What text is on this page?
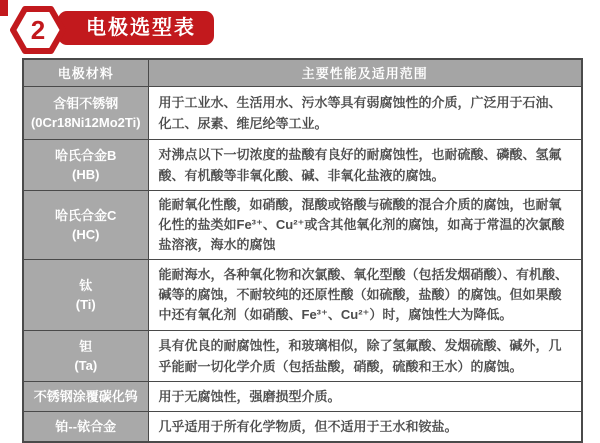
2 电极选型表
电极材料	主要性能及适用范围

含钼不锈钢
(0Cr18Ni12Mo2Ti)	用于工业水、生活用水、污水等具有弱腐蚀性的介质，广泛用于石油、化工、尿素、维尼纶等工业。

哈氏合金B
(HB)	对沸点以下一切浓度的盐酸有良好的耐腐蚀性，也耐硫酸、磷酸、氢氟酸、有机酸等非氧化酸、碱、非氧化盐液的腐蚀。

哈氏合金C
(HC)	能耐氧化性酸，如硝酸，混酸或铬酸与硫酸的混合介质的腐蚀，也耐氧化性的盐类如Fe³⁺、Cu²⁺或含其他氧化剂的腐蚀，如高于常温的次氯酸盐溶液，海水的腐蚀

钛
(Ti)	能耐海水，各种氧化物和次氯酸、氧化型酸（包括发烟硝酸）、有机酸、碱等的腐蚀，不耐较纯的还原性酸（如硫酸，盐酸）的腐蚀。但如果酸中还有氧化剂（如硝酸、Fe³⁺、Cu²⁺）时，腐蚀性大为降低。

钽
(Ta)	具有优良的耐腐蚀性，和玻璃相似，除了氢氟酸、发烟硫酸、碱外，几乎能耐一切化学介质（包括盐酸，硝酸，硫酸和王水）的腐蚀。

不锈钢涂覆碳化钨	用于无腐蚀性，强磨损型介质。

铂--铱合金	几乎适用于所有化学物质，但不适用于王水和铵盐。
